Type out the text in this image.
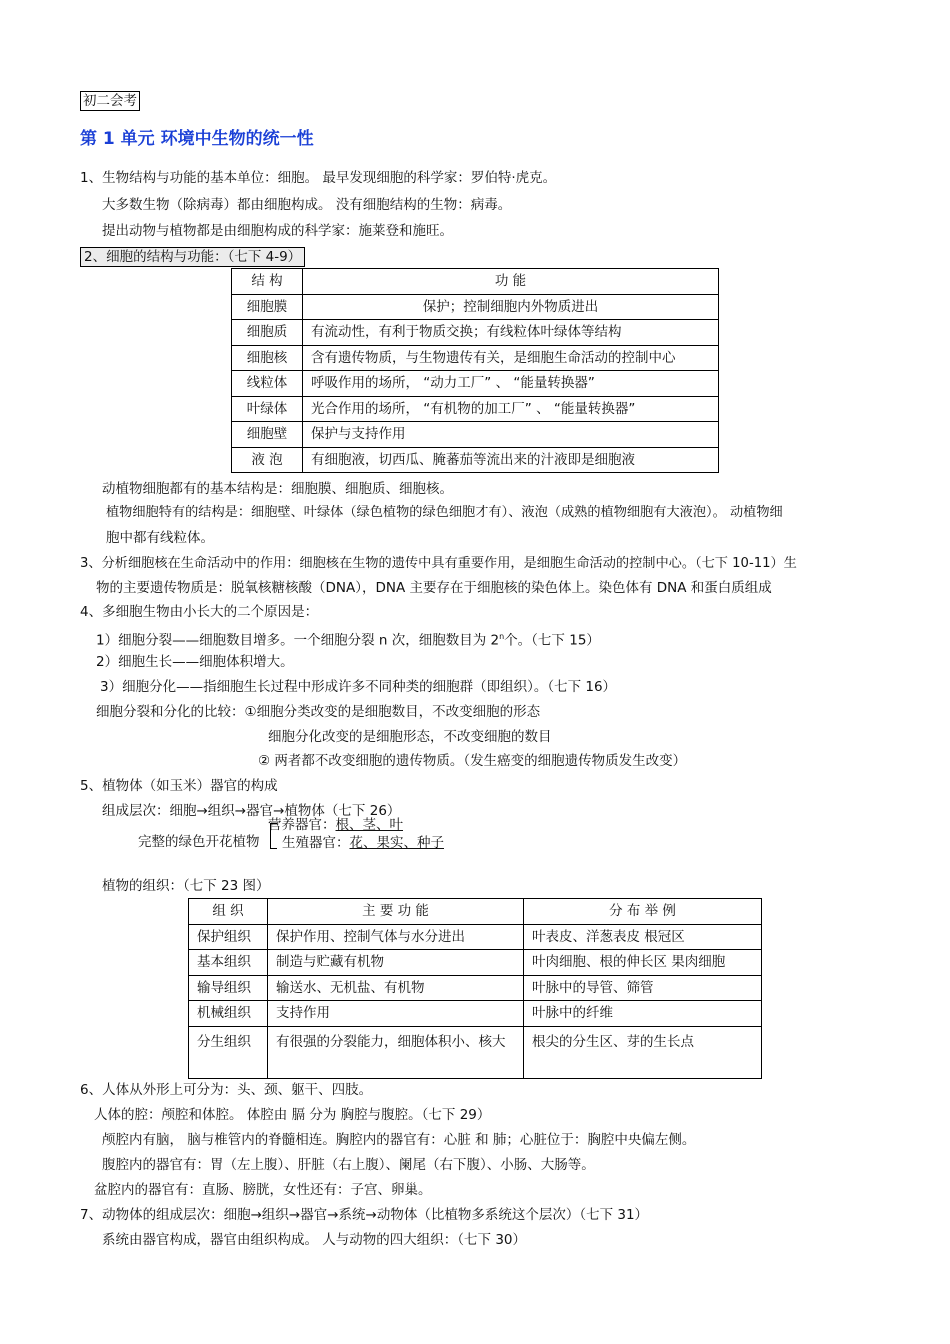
初二会考
第 1 单元 环境中生物的统一性
1、生物结构与功能的基本单位：细胞。 最早发现细胞的科学家：罗伯特·虎克。
大多数生物（除病毒）都由细胞构成。 没有细胞结构的生物：病毒。
提出动物与植物都是由细胞构成的科学家：施莱登和施旺。
2、细胞的结构与功能：（七下 4-9）
结 构	功 能
细胞膜	保护；控制细胞内外物质进出
细胞质	有流动性，有利于物质交换；有线粒体叶绿体等结构
细胞核	含有遗传物质，与生物遗传有关，是细胞生命活动的控制中心
线粒体	呼吸作用的场所， “动力工厂” 、 “能量转换器”
叶绿体	光合作用的场所， “有机物的加工厂” 、 “能量转换器”
细胞壁	保护与支持作用
液 泡	有细胞液，切西瓜、腌蕃茄等流出来的汁液即是细胞液
动植物细胞都有的基本结构是：细胞膜、细胞质、细胞核。
植物细胞特有的结构是：细胞壁、叶绿体（绿色植物的绿色细胞才有）、液泡（成熟的植物细胞有大液泡）。 动植物细
胞中都有线粒体。
3、分析细胞核在生命活动中的作用：细胞核在生物的遗传中具有重要作用，是细胞生命活动的控制中心。（七下 10-11）生
物的主要遗传物质是：脱氧核糖核酸（DNA），DNA 主要存在于细胞核的染色体上。染色体有 DNA 和蛋白质组成
4、多细胞生物由小长大的二个原因是：
1）细胞分裂——细胞数目增多。一个细胞分裂 n 次，细胞数目为 2$^n$个。（七下 15）
2）细胞生长——细胞体积增大。
3）细胞分化——指细胞生长过程中形成许多不同种类的细胞群（即组织）。（七下 16）
细胞分裂和分化的比较：①细胞分类改变的是细胞数目，不改变细胞的形态
细胞分化改变的是细胞形态，不改变细胞的数目
② 两者都不改变细胞的遗传物质。（发生癌变的细胞遗传物质发生改变）
5、植物体（如玉米）器官的构成
组成层次：细胞→组织→器官→植物体（七下 26）
营养器官：根、茎、叶
完整的绿色开花植物 生殖器官：花、果实、种子
植物的组织：（七下 23 图）
组 织	主 要 功 能	分 布 举 例
保护组织	保护作用、控制气体与水分进出	叶表皮、洋葱表皮 根冠区
基本组织	制造与贮藏有机物	叶肉细胞、根的伸长区 果肉细胞
输导组织	输送水、无机盐、有机物	叶脉中的导管、筛管
机械组织	支持作用	叶脉中的纤维
分生组织	有很强的分裂能力，细胞体积小、核大	根尖的分生区、芽的生长点
6、人体从外形上可分为：头、颈、躯干、四肢。
人体的腔：颅腔和体腔。 体腔由 膈 分为 胸腔与腹腔。（七下 29）
颅腔内有脑， 脑与椎管内的脊髓相连。胸腔内的器官有：心脏 和 肺；心脏位于：胸腔中央偏左侧。
腹腔内的器官有：胃（左上腹）、肝脏（右上腹）、阑尾（右下腹）、小肠、大肠等。
盆腔内的器官有：直肠、膀胱，女性还有：子宫、卵巢。
7、动物体的组成层次：细胞→组织→器官→系统→动物体（比植物多系统这个层次）（七下 31）
系统由器官构成，器官由组织构成。 人与动物的四大组织：（七下 30）
